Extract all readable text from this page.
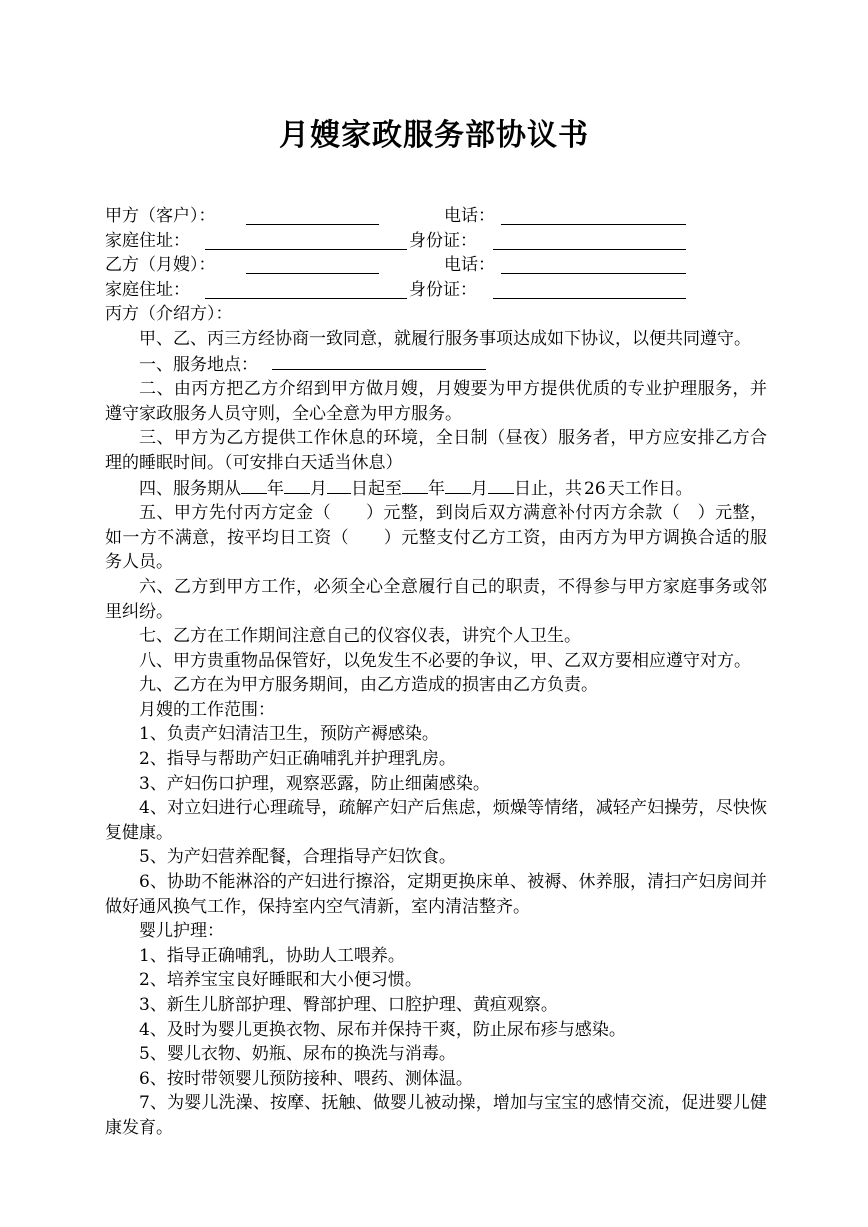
月嫂家政服务部协议书
甲方（客户）：	电话：
家庭住址：	身份证：
乙方（月嫂）：	电话：
家庭住址：	身份证：
丙方（介绍方）：

甲、乙、丙三方经协商一致同意，就履行服务事项达成如下协议，以便共同遵守。

一、服务地点：

二、由丙方把乙方介绍到甲方做月嫂，月嫂要为甲方提供优质的专业护理服务，并遵守家政服务人员守则，全心全意为甲方服务。

三、甲方为乙方提供工作休息的环境，全日制（昼夜）服务者，甲方应安排乙方合理的睡眠时间。（可安排白天适当休息）

四、服务期从 年 月 日起至 年 月 日止，共 26 天工作日。

五、甲方先付丙方定金（　　）元整，到岗后双方满意补付丙方余款（　）元整，如一方不满意，按平均日工资（　　）元整支付乙方工资，由丙方为甲方调换合适的服务人员。

六、乙方到甲方工作，必须全心全意履行自己的职责，不得参与甲方家庭事务或邻里纠纷。

七、乙方在工作期间注意自己的仪容仪表，讲究个人卫生。

八、甲方贵重物品保管好，以免发生不必要的争议，甲、乙双方要相应遵守对方。

九、乙方在为甲方服务期间，由乙方造成的损害由乙方负责。

月嫂的工作范围：

1、负责产妇清洁卫生，预防产褥感染。

2、指导与帮助产妇正确哺乳并护理乳房。

3、产妇伤口护理，观察恶露，防止细菌感染。

4、对立妇进行心理疏导，疏解产妇产后焦虑，烦燥等情绪，减轻产妇操劳，尽快恢复健康。

5、为产妇营养配餐，合理指导产妇饮食。

6、协助不能淋浴的产妇进行擦浴，定期更换床单、被褥、休养服，清扫产妇房间并做好通风换气工作，保持室内空气清新，室内清洁整齐。

婴儿护理：

1、指导正确哺乳，协助人工喂养。

2、培养宝宝良好睡眠和大小便习惯。

3、新生儿脐部护理、臀部护理、口腔护理、黄疸观察。

4、及时为婴儿更换衣物、尿布并保持干爽，防止尿布疹与感染。

5、婴儿衣物、奶瓶、尿布的换洗与消毒。

6、按时带领婴儿预防接种、喂药、测体温。

7、为婴儿洗澡、按摩、抚触、做婴儿被动操，增加与宝宝的感情交流，促进婴儿健康发育。
